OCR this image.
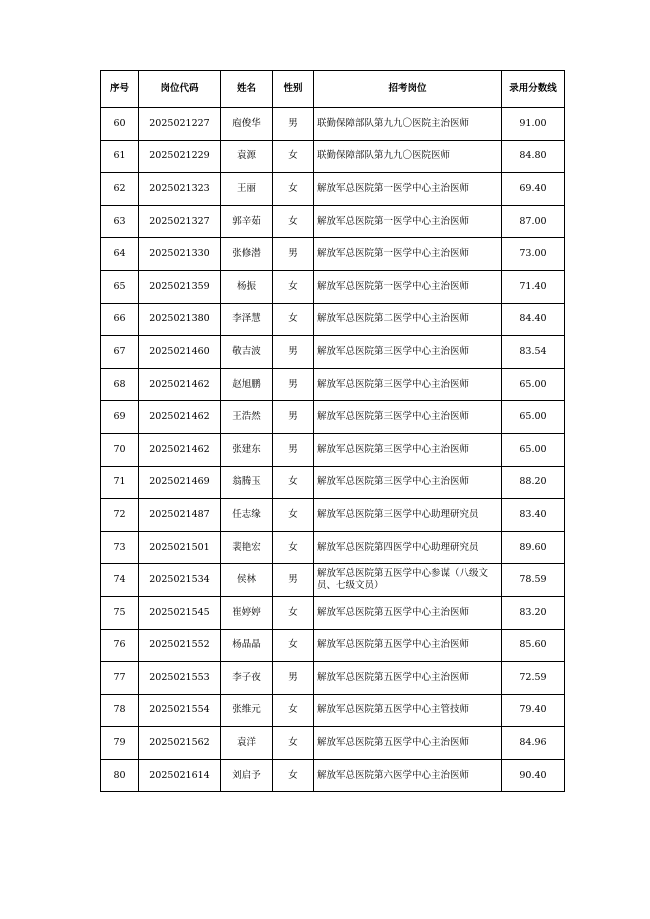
序号	岗位代码	姓名	性别	招考岗位	录用分数线
60	2025021227	庖俊华	男	联勤保障部队第九九〇医院主治医师	91.00
61	2025021229	袁源	女	联勤保障部队第九九〇医院医师	84.80
62	2025021323	王丽	女	解放军总医院第一医学中心主治医师	69.40
63	2025021327	郭辛茹	女	解放军总医院第一医学中心主治医师	87.00
64	2025021330	张修潜	男	解放军总医院第一医学中心主治医师	73.00
65	2025021359	杨振	女	解放军总医院第一医学中心主治医师	71.40
66	2025021380	李泽慧	女	解放军总医院第二医学中心主治医师	84.40
67	2025021460	敬吉波	男	解放军总医院第三医学中心主治医师	83.54
68	2025021462	赵旭鹏	男	解放军总医院第三医学中心主治医师	65.00
69	2025021462	王浩然	男	解放军总医院第三医学中心主治医师	65.00
70	2025021462	张建东	男	解放军总医院第三医学中心主治医师	65.00
71	2025021469	翁腾玉	女	解放军总医院第三医学中心主治医师	88.20
72	2025021487	任志缘	女	解放军总医院第三医学中心助理研究员	83.40
73	2025021501	裴艳宏	女	解放军总医院第四医学中心助理研究员	89.60
74	2025021534	侯林	男	解放军总医院第五医学中心参谋（八级文员、七级文员）	78.59
75	2025021545	崔婷婷	女	解放军总医院第五医学中心主治医师	83.20
76	2025021552	杨晶晶	女	解放军总医院第五医学中心主治医师	85.60
77	2025021553	李子夜	男	解放军总医院第五医学中心主治医师	72.59
78	2025021554	张维元	女	解放军总医院第五医学中心主管技师	79.40
79	2025021562	袁洋	女	解放军总医院第五医学中心主治医师	84.96
80	2025021614	刘启予	女	解放军总医院第六医学中心主治医师	90.40
